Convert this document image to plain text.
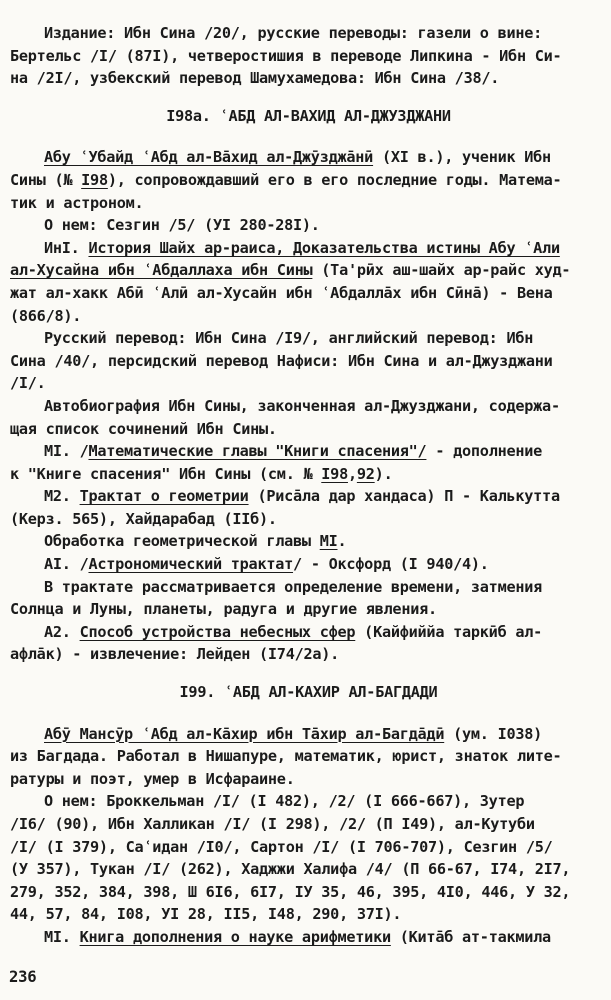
Издание: Ибн Сина /20/, русские переводы: газели о вине:
Бертельс /I/ (87I), четверостишия в переводе Липкина - Ибн Си-
на /2I/, узбекский перевод Шамухамедова: Ибн Сина /38/.
I98а. ʿАБД АЛ-ВАХИД АЛ-ДЖУЗДЖАНИ
Абу ʿУбайд ʿАбд ал-Ва̄хид ал-Джӯзджа̄нӣ (XI в.), ученик Ибн
Сины (№ I98), сопровождавший его в его последние годы. Матема-
тик и астроном.
О нем: Сезгин /5/ (УI 280-28I).
ИнI. История Шайх ар-раиса, Доказательства истины Абу ʿАли
ал-Хусайна ибн ʿАбдаллаха ибн Сины (Та'рӣх аш-шайх ар-райс худ-
жат ал-хакк Абӣ ʿАлӣ ал-Хусайн ибн ʿАбдалла̄х ибн Сӣна̄) - Вена
(866/8).
Русский перевод: Ибн Сина /I9/, английский перевод: Ибн
Сина /40/, персидский перевод Нафиси: Ибн Сина и ал-Джузджани
/I/.
Автобиография Ибн Сины, законченная ал-Джузджани, содержа-
щая список сочинений Ибн Сины.
МI. /Математические главы "Книги спасения"/ - дополнение
к "Книге спасения" Ибн Сины (см. № I98,92).
М2. Трактат о геометрии (Риса̄ла дар хандаса) П - Калькутта
(Керз. 565), Хайдарабад (IIб).
Обработка геометрической главы МI.
АI. /Астрономический трактат/ - Оксфорд (I 940/4).
В трактате рассматривается определение времени, затмения
Солнца и Луны, планеты, радуга и другие явления.
А2. Способ устройства небесных сфер (Кайфиййа таркӣб ал-
афла̄к) - извлечение: Лейден (I74/2а).
I99. ʿАБД АЛ-КАХИР АЛ-БАГДАДИ
Абӯ Мансӯр ʿАбд ал-Ка̄хир ибн Та̄хир ал-Багда̄дӣ (ум. I038)
из Багдада. Работал в Нишапуре, математик, юрист, знаток лите-
ратуры и поэт, умер в Исфараине.
О нем: Броккельман /I/ (I 482), /2/ (I 666-667), Зутер
/I6/ (90), Ибн Халликан /I/ (I 298), /2/ (П I49), ал-Кутуби
/I/ (I 379), Саʿидан /I0/, Сартон /I/ (I 706-707), Сезгин /5/
(У 357), Тукан /I/ (262), Хаджжи Халифа /4/ (П 66-67, I74, 2I7,
279, 352, 384, 398, Ш 6I6, 6I7, IУ 35, 46, 395, 4I0, 446, У 32,
44, 57, 84, I08, УI 28, II5, I48, 290, 37I).
МI. Книга дополнения о науке арифметики (Кита̄б ат-такмила
236
